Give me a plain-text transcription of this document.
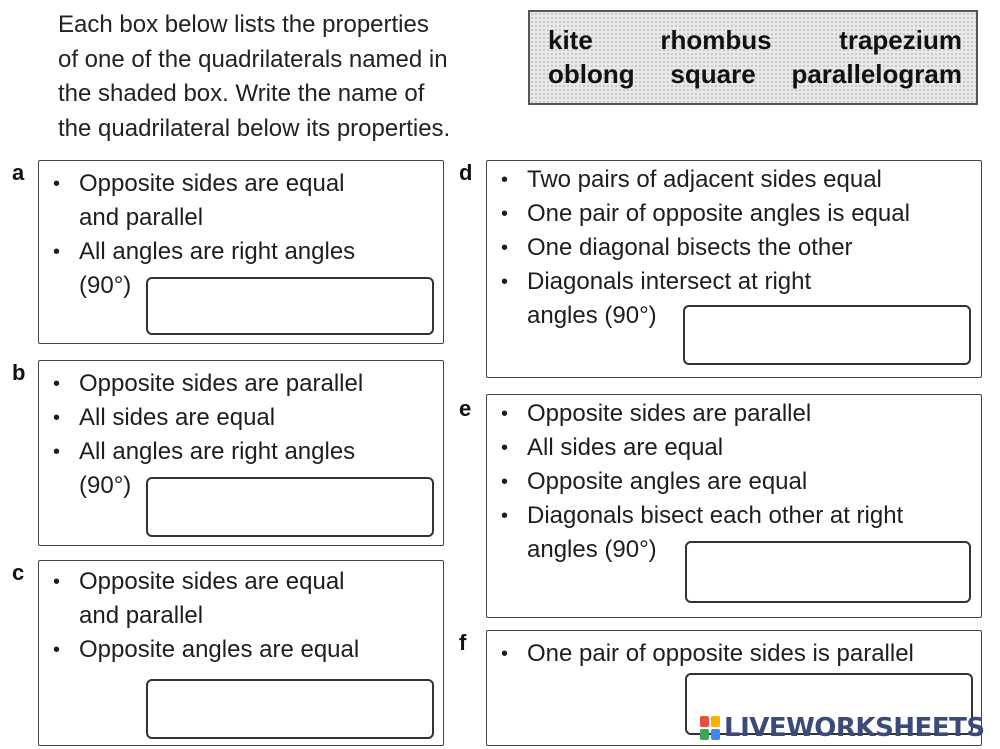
Each box below lists the properties
of one of the quadrilaterals named in
the shaded box. Write the name of
the quadrilateral below its properties.
kite	rhombus	trapezium
oblong square parallelogram
a • Opposite sides are equal
and parallel
• All angles are right angles
(90°)
b • Opposite sides are parallel
• All sides are equal
• All angles are right angles
(90°)
c • Opposite sides are equal
and parallel
• Opposite angles are equal
d • Two pairs of adjacent sides equal
• One pair of opposite angles is equal
• One diagonal bisects the other
• Diagonals intersect at right
angles (90°)
e • Opposite sides are parallel
• All sides are equal
• Opposite angles are equal
• Diagonals bisect each other at right
angles (90°)
f • One pair of opposite sides is parallel
LIVEWORKSHEETS
